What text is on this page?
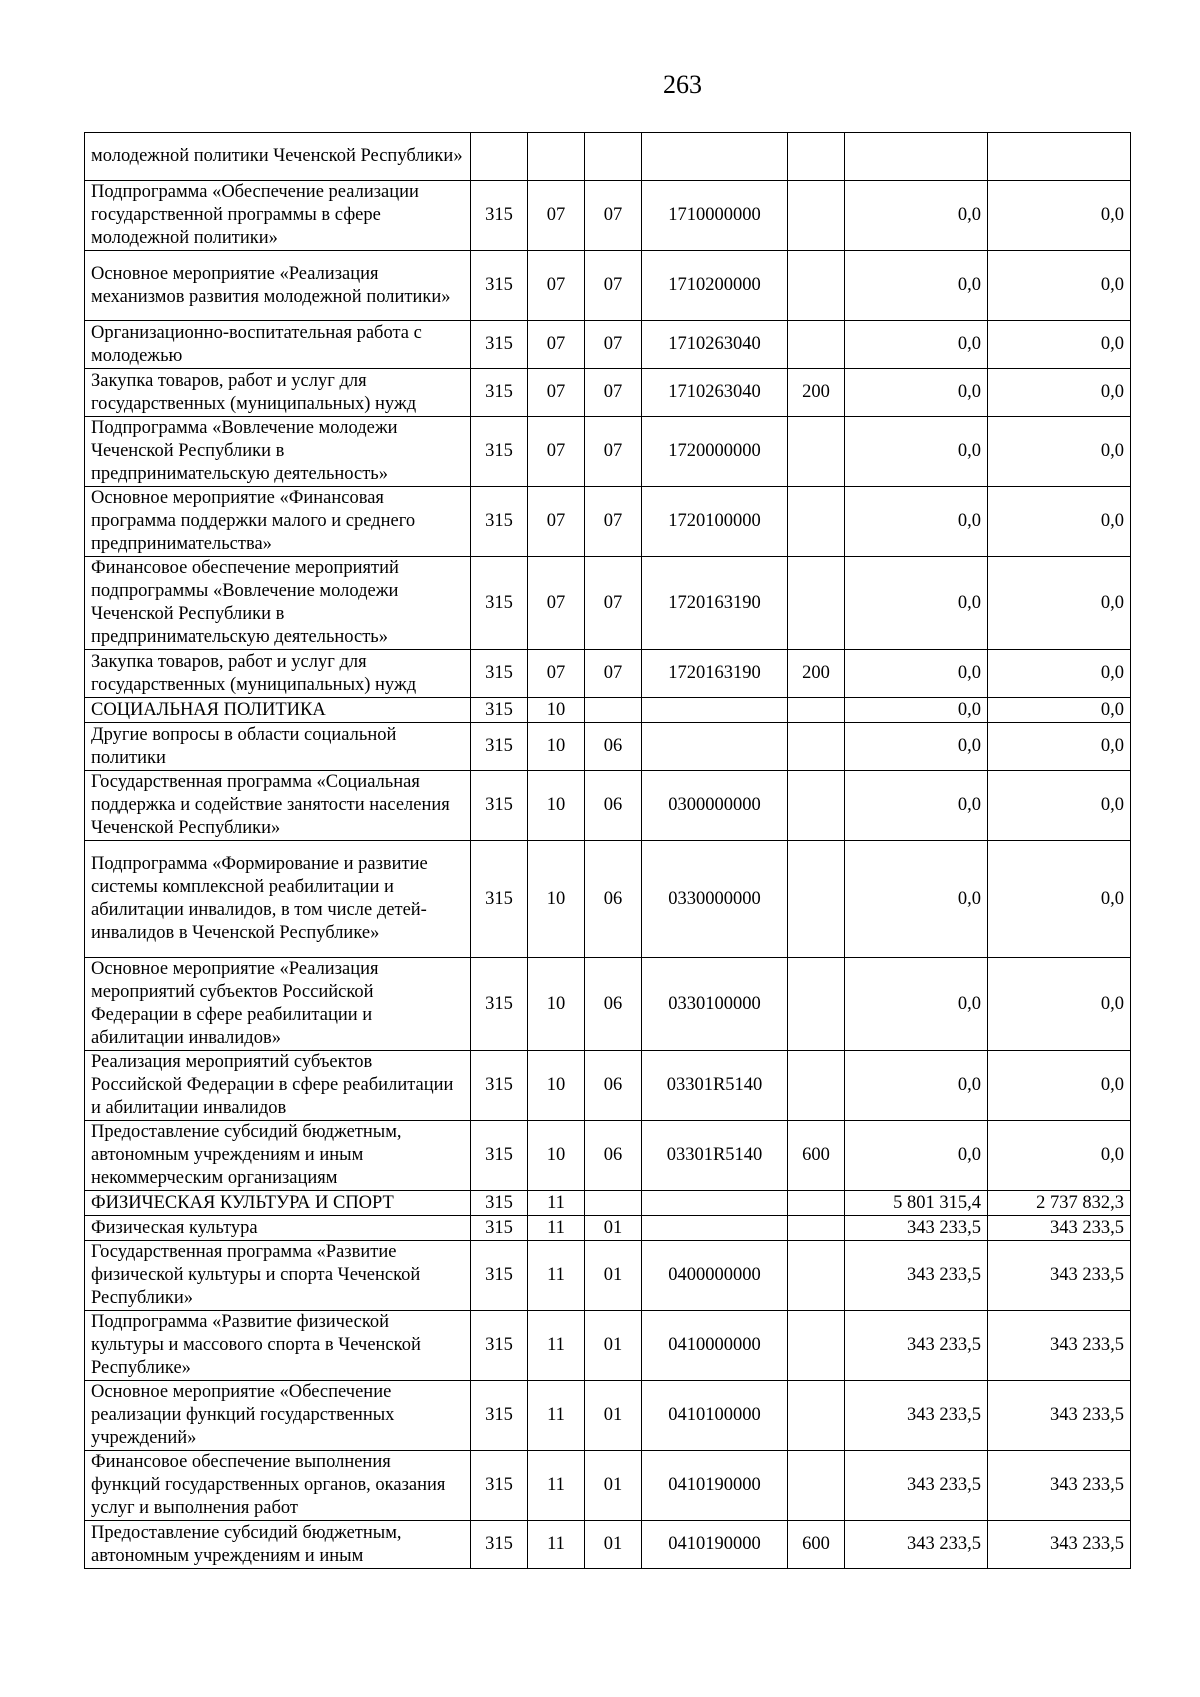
263
молодежной политики Чеченской Республики»							
Подпрограмма «Обеспечение реализации государственной программы в сфере молодежной политики»	315	07	07	1710000000		0,0	0,0
Основное мероприятие «Реализация механизмов развития молодежной политики»	315	07	07	1710200000		0,0	0,0
Организационно-воспитательная работа с молодежью	315	07	07	1710263040		0,0	0,0
Закупка товаров, работ и услуг для государственных (муниципальных) нужд	315	07	07	1710263040	200	0,0	0,0
Подпрограмма «Вовлечение молодежи Чеченской Республики в предпринимательскую деятельность»	315	07	07	1720000000		0,0	0,0
Основное мероприятие «Финансовая программа поддержки малого и среднего предпринимательства»	315	07	07	1720100000		0,0	0,0
Финансовое обеспечение мероприятий подпрограммы «Вовлечение молодежи Чеченской Республики в предпринимательскую деятельность»	315	07	07	1720163190		0,0	0,0
Закупка товаров, работ и услуг для государственных (муниципальных) нужд	315	07	07	1720163190	200	0,0	0,0
СОЦИАЛЬНАЯ ПОЛИТИКА	315	10				0,0	0,0
Другие вопросы в области социальной политики	315	10	06			0,0	0,0
Государственная программа «Социальная поддержка и содействие занятости населения Чеченской Республики»	315	10	06	0300000000		0,0	0,0
Подпрограмма «Формирование и развитие системы комплексной реабилитации и абилитации инвалидов, в том числе детей-инвалидов в Чеченской Республике»	315	10	06	0330000000		0,0	0,0
Основное мероприятие «Реализация мероприятий субъектов Российской Федерации в сфере реабилитации и абилитации инвалидов»	315	10	06	0330100000		0,0	0,0
Реализация мероприятий субъектов Российской Федерации в сфере реабилитации и абилитации инвалидов	315	10	06	03301R5140		0,0	0,0
Предоставление субсидий бюджетным, автономным учреждениям и иным некоммерческим организациям	315	10	06	03301R5140	600	0,0	0,0
ФИЗИЧЕСКАЯ КУЛЬТУРА И СПОРТ	315	11				5 801 315,4	2 737 832,3
Физическая культура	315	11	01			343 233,5	343 233,5
Государственная программа «Развитие физической культуры и спорта Чеченской Республики»	315	11	01	0400000000		343 233,5	343 233,5
Подпрограмма «Развитие физической культуры и массового спорта в Чеченской Республике»	315	11	01	0410000000		343 233,5	343 233,5
Основное мероприятие «Обеспечение реализации функций государственных учреждений»	315	11	01	0410100000		343 233,5	343 233,5
Финансовое обеспечение выполнения функций государственных органов, оказания услуг и выполнения работ	315	11	01	0410190000		343 233,5	343 233,5
Предоставление субсидий бюджетным, автономным учреждениям и иным	315	11	01	0410190000	600	343 233,5	343 233,5
